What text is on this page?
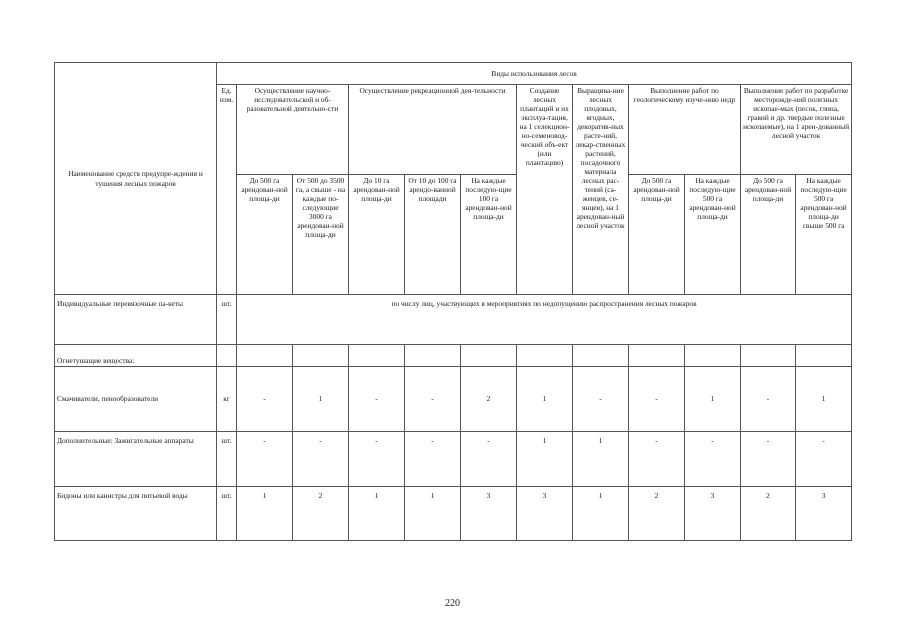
Наименование средств предупре-ждения и тушения лесных пожаров	Виды использования лесов											
	Ед. изм.	Осуществление научно-исследовательской и об-разовательной деятельно-сти		Осуществление рекреационной дея-тельности			Создание лесных плантаций и их эксплуа-тация, на 1 селекцион-но-семеновод-ческий объ-ект (или плантацию)	Выращива-ние лесных плодовых, ягодных, декоратив-ных расте-ний, лекар-ственных растений, посадочного материала лесных рас-тений (са-женцев, се-янцев), на 1 арендован-ный лесной участок	Выполнение работ по геологическому изуче-нию недр		Выполнение работ по разработке месторожде-ний полезных ископае-мых (песок, глина, гравий и др. твердые полезные ископаемые), на 1 арен-дованный лесной участок	
		До 500 га арендован-ной площа-ди	От 500 до 3500 га, а свыше - на каждые по-следующие 3000 га арендован-ной площа-ди	До 10 га арендован-ной площа-ди	От 10 до 100 га арендо-ванной площади	На каждые последую-щие 100 га арендован-ной площа-ди			До 500 га арендован-ной площа-ди	На каждые последую-щие 500 га арендован-ной площа-ди	До 500 га арендован-ной площа-ди	На каждые последую-щие 500 га арендован-ной площа-ди свыше 500 га
Индивидуальные перевязочные па-кеты	шт.	по числу лиц, участвующих в мероприятиях по недопущению распространения лесных пожаров										
Огнетушащие вещества:												
Смачиватели, пенообразователи	кг	-	1	-	-	2	1	-	-	1	-	1
Дополнительные: Зажигательные аппараты	шт.	-	-	-	-	-	1	1	-	-	-	-
Бидоны или канистры для питьевой воды	шт.	1	2	1	1	3	3	1	2	3	2	3
220
